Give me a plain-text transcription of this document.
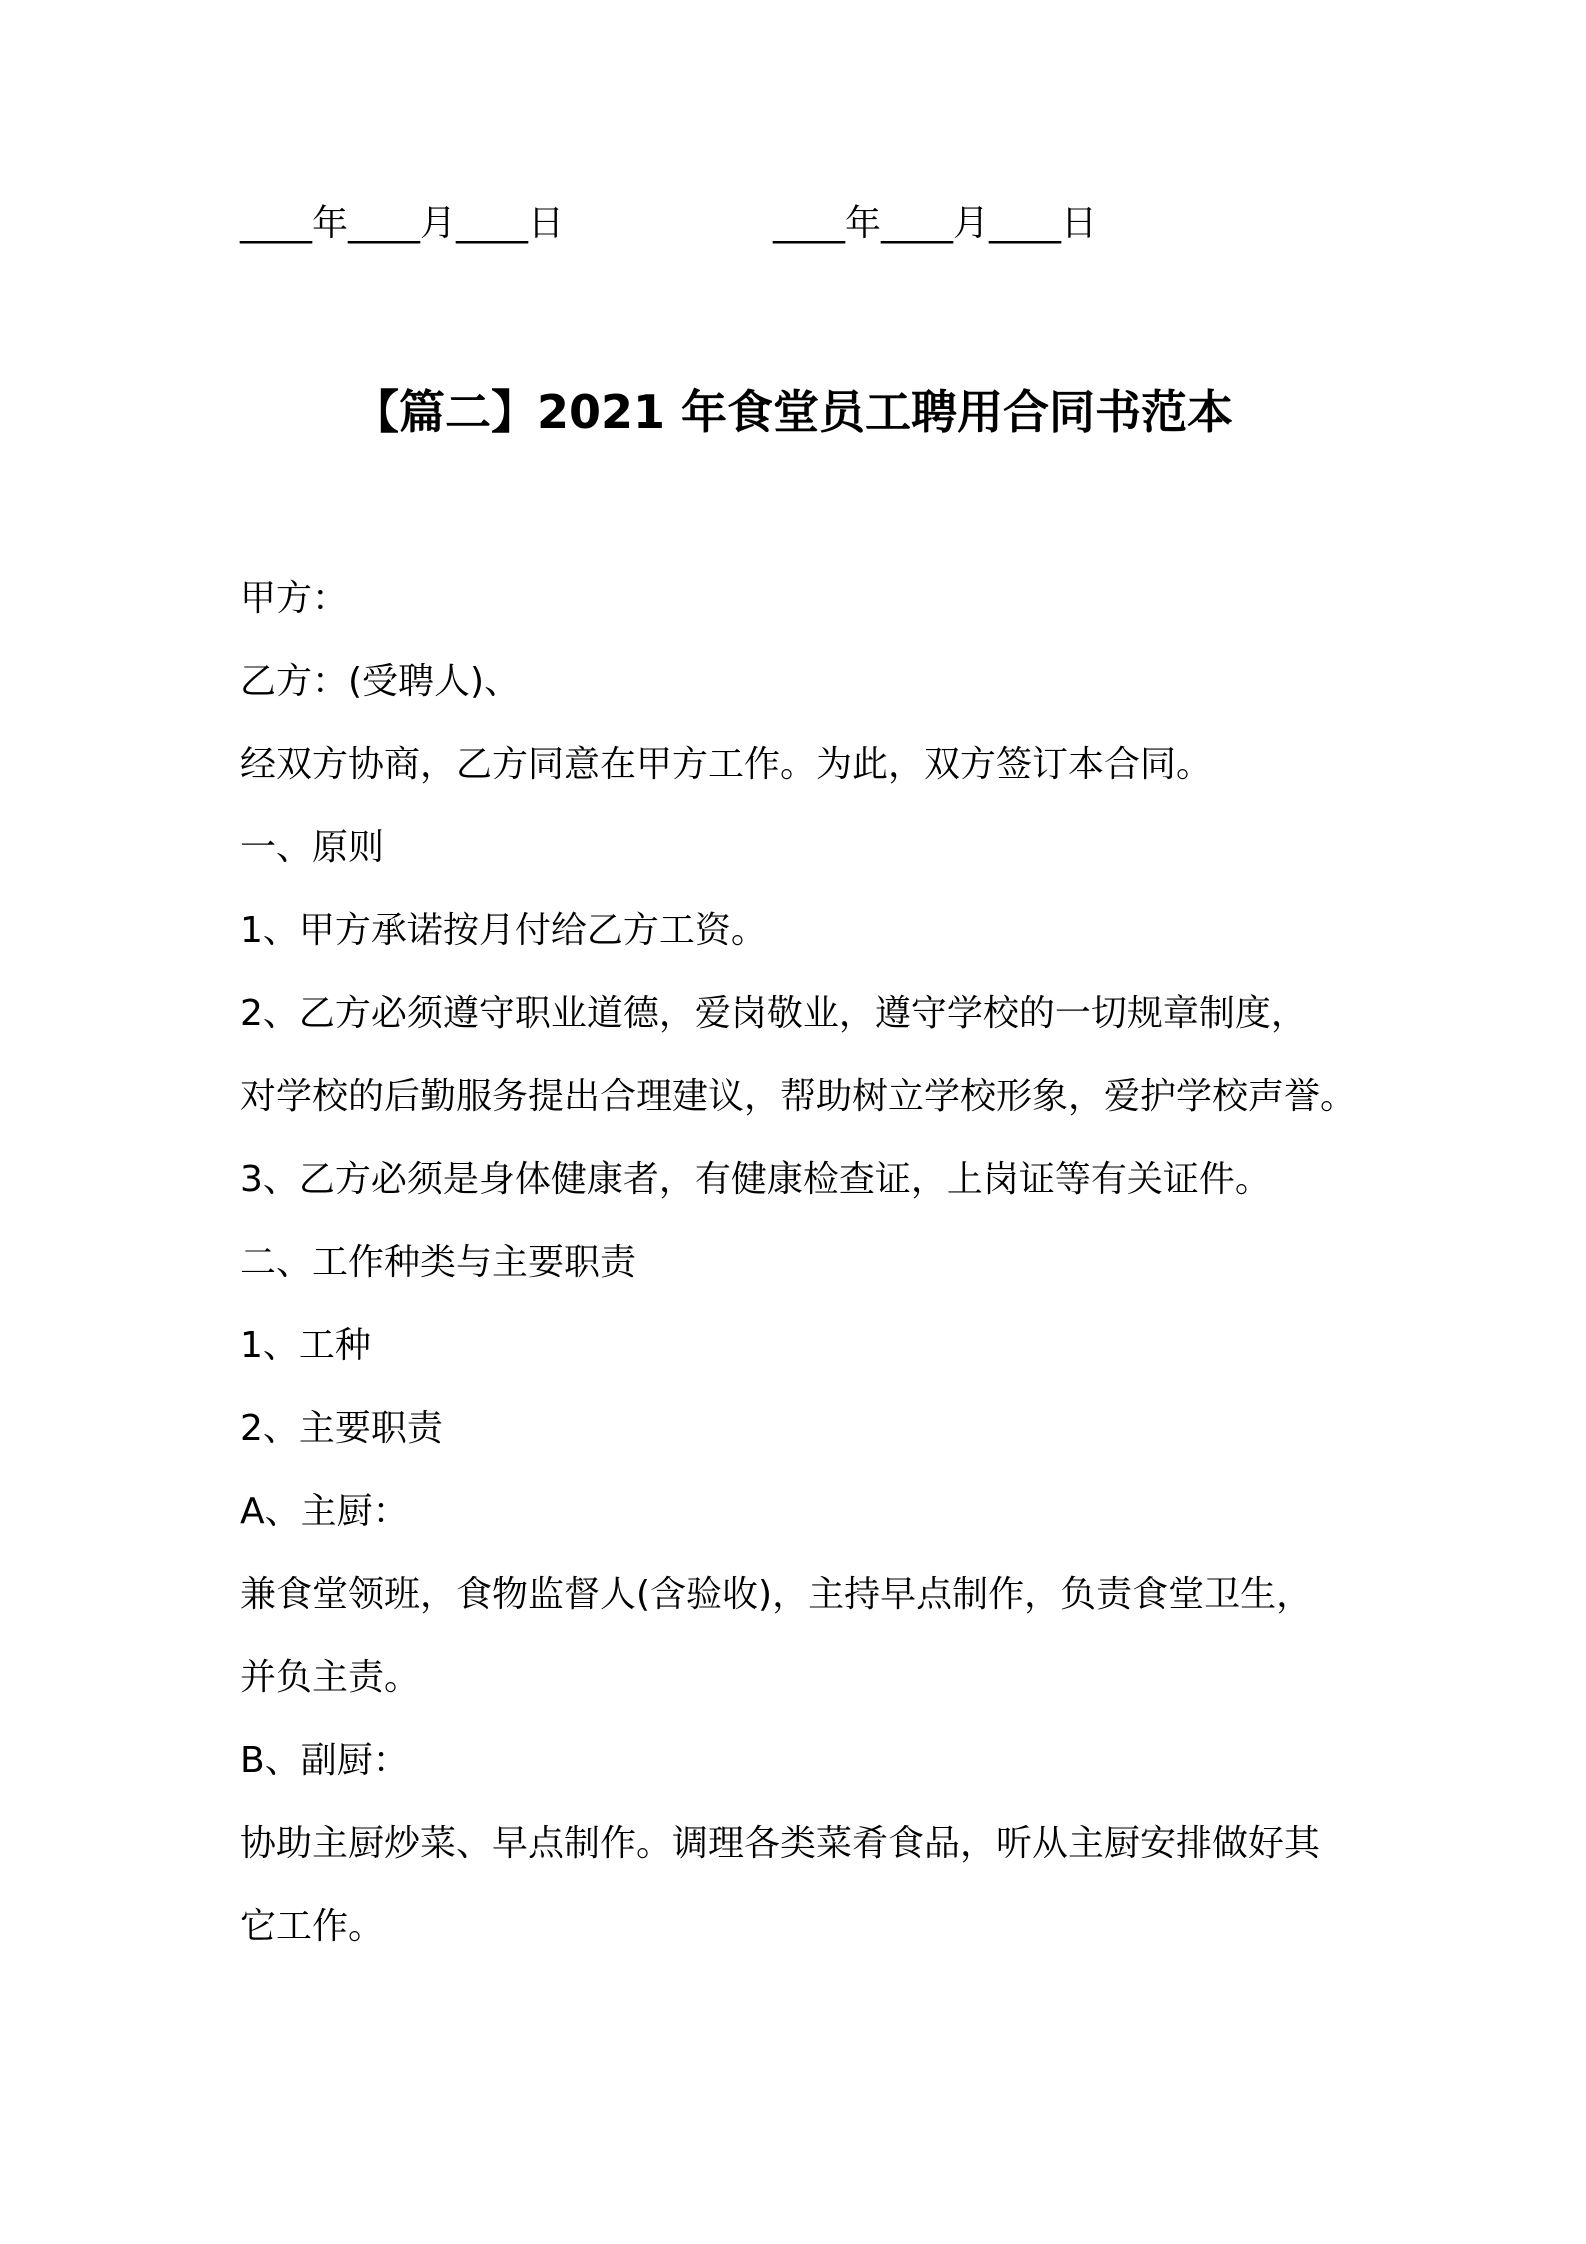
____年____月____日	____年____月____日
【篇二】2021 年食堂员工聘用合同书范本
甲方：
乙方：(受聘人)、
经双方协商，乙方同意在甲方工作。为此，双方签订本合同。
一、原则
1、甲方承诺按月付给乙方工资。
2、乙方必须遵守职业道德，爱岗敬业，遵守学校的一切规章制度，
对学校的后勤服务提出合理建议，帮助树立学校形象，爱护学校声誉。
3、乙方必须是身体健康者，有健康检查证，上岗证等有关证件。
二、工作种类与主要职责
1、工种
2、主要职责
A、主厨：
兼食堂领班，食物监督人(含验收)，主持早点制作，负责食堂卫生，
并负主责。
B、副厨：
协助主厨炒菜、早点制作。调理各类菜肴食品，听从主厨安排做好其
它工作。
